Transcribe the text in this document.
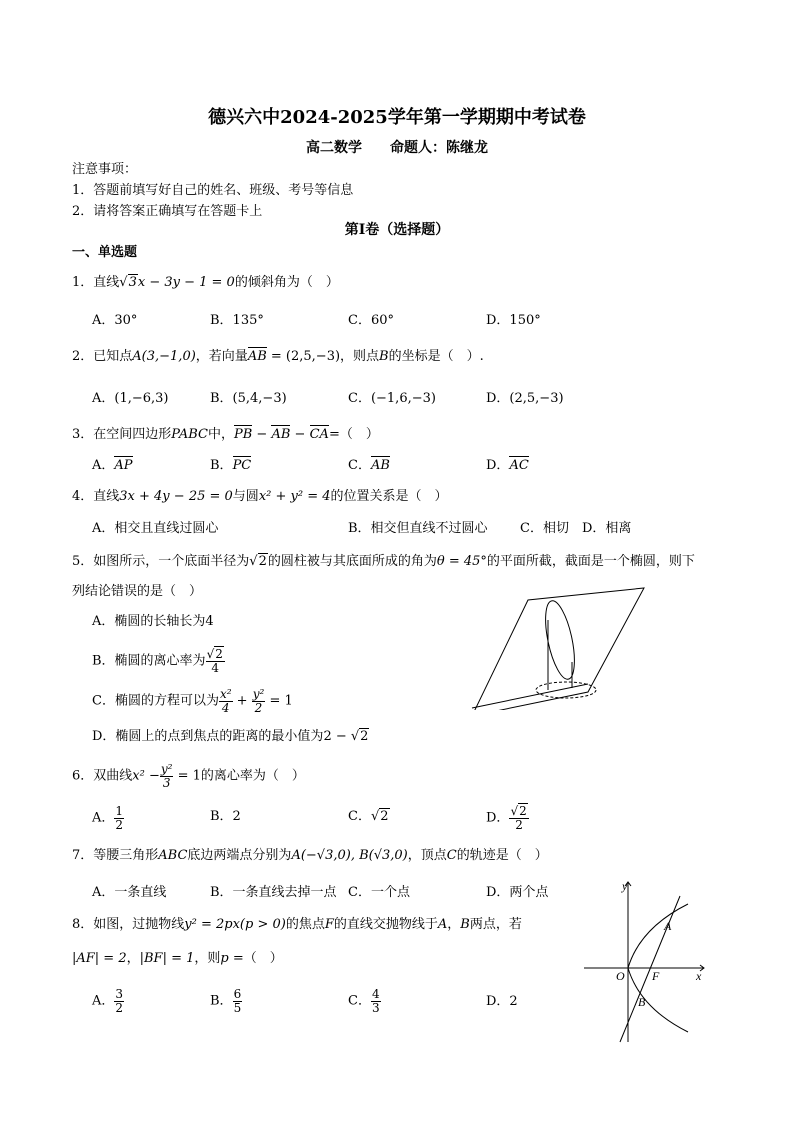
德兴六中2024-2025学年第一学期期中考试卷
高二数学　　命题人：陈继龙
注意事项：
1．答题前填写好自己的姓名、班级、考号等信息
2．请将答案正确填写在答题卡上
第I卷（选择题）
一、单选题
1．直线√3x − 3y − 1 = 0的倾斜角为（　）
A．30°	B．135°	C．60°	D．150°
2．已知点A(3,−1,0)，若向量AB = (2,5,−3)，则点B的坐标是（　）.
A．(1,−6,3)	B．(5,4,−3)	C．(−1,6,−3)	D．(2,5,−3)
3．在空间四边形PABC中，PB − AB − CA=（　）
A．AP	B．PC	C．AB	D．AC
4．直线3x + 4y − 25 = 0与圆x² + y² = 4的位置关系是（　）
A．相交且直线过圆心	B．相交但直线不过圆心 C．相切 D．相离
5．如图所示，一个底面半径为√2的圆柱被与其底面所成的角为θ = 45°的平面所截，截面是一个椭圆，则下
列结论错误的是（　）
A．椭圆的长轴长为4
B．椭圆的离心率为 $\frac{√2}{4}$
C．椭圆的方程可以为 $\frac{\text{x²}}{4} + \frac{\text{y²}}{2} = 1$
D．椭圆上的点到焦点的距离的最小值为2 − √2
6．双曲线$x^2 - \frac{\text{y²}}{3} = 1$的离心率为（　）
A． $\frac{1}{2}$	B．2	C．√2	D． $\frac{√2}{2}$
7．等腰三角形ABC底边两端点分别为A(−√3,0), B(√3,0)，顶点C的轨迹是（　）
A．一条直线	B．一条直线去掉一点 C．一个点	D．两个点
8．如图，过抛物线y² = 2px(p > 0)的焦点F的直线交抛物线于A，B两点，若
|AF| = 2，|BF| = 1，则p =（　）
A． $\frac{3}{2}$	B． $\frac{6}{5}$	C． $\frac{4}{3}$	D．2
y
x
O F
A
B
